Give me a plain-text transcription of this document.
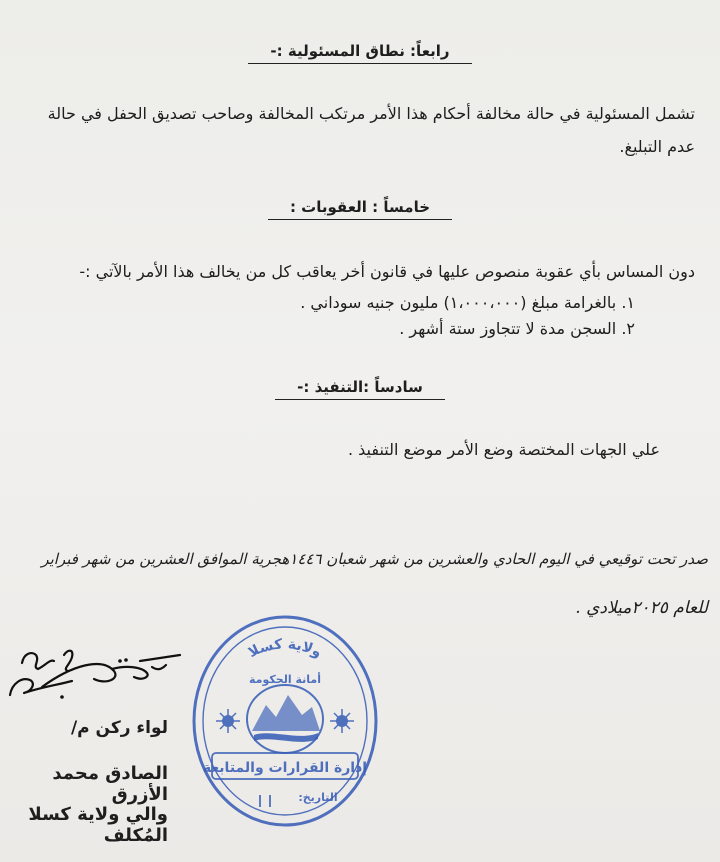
رابعاً: نطاق المسئولية :-
تشمل المسئولية في حالة مخالفة أحكام هذا الأمر مرتكب المخالفة وصاحب تصديق الحفل في حالة
عدم التبليغ.
خامساً : العقوبات :
دون المساس بأي عقوبة منصوص عليها في قانون أخر يعاقب كل من يخالف هذا الأمر بالآتي :-
١. بالغرامة مبلغ (١،٠٠٠،٠٠٠) مليون جنيه سوداني .
٢. السجن مدة لا تتجاوز ستة أشهر .
سادساً :التنفيذ :-
علي الجهات المختصة وضع الأمر موضع التنفيذ .
صدر تحت توقيعي في اليوم الحادي والعشرين من شهر شعبان ١٤٤٦هجرية الموافق العشرين من شهر فبراير
للعام ٢٠٢٥ميلادي .
لواء ركن م/
الصادق محمد الأزرق
والي ولاية كسلا المُكلف
ولاية كسلا
أمانة الحكومة
إدارة القرارات والمتابعة
التاريخ:
